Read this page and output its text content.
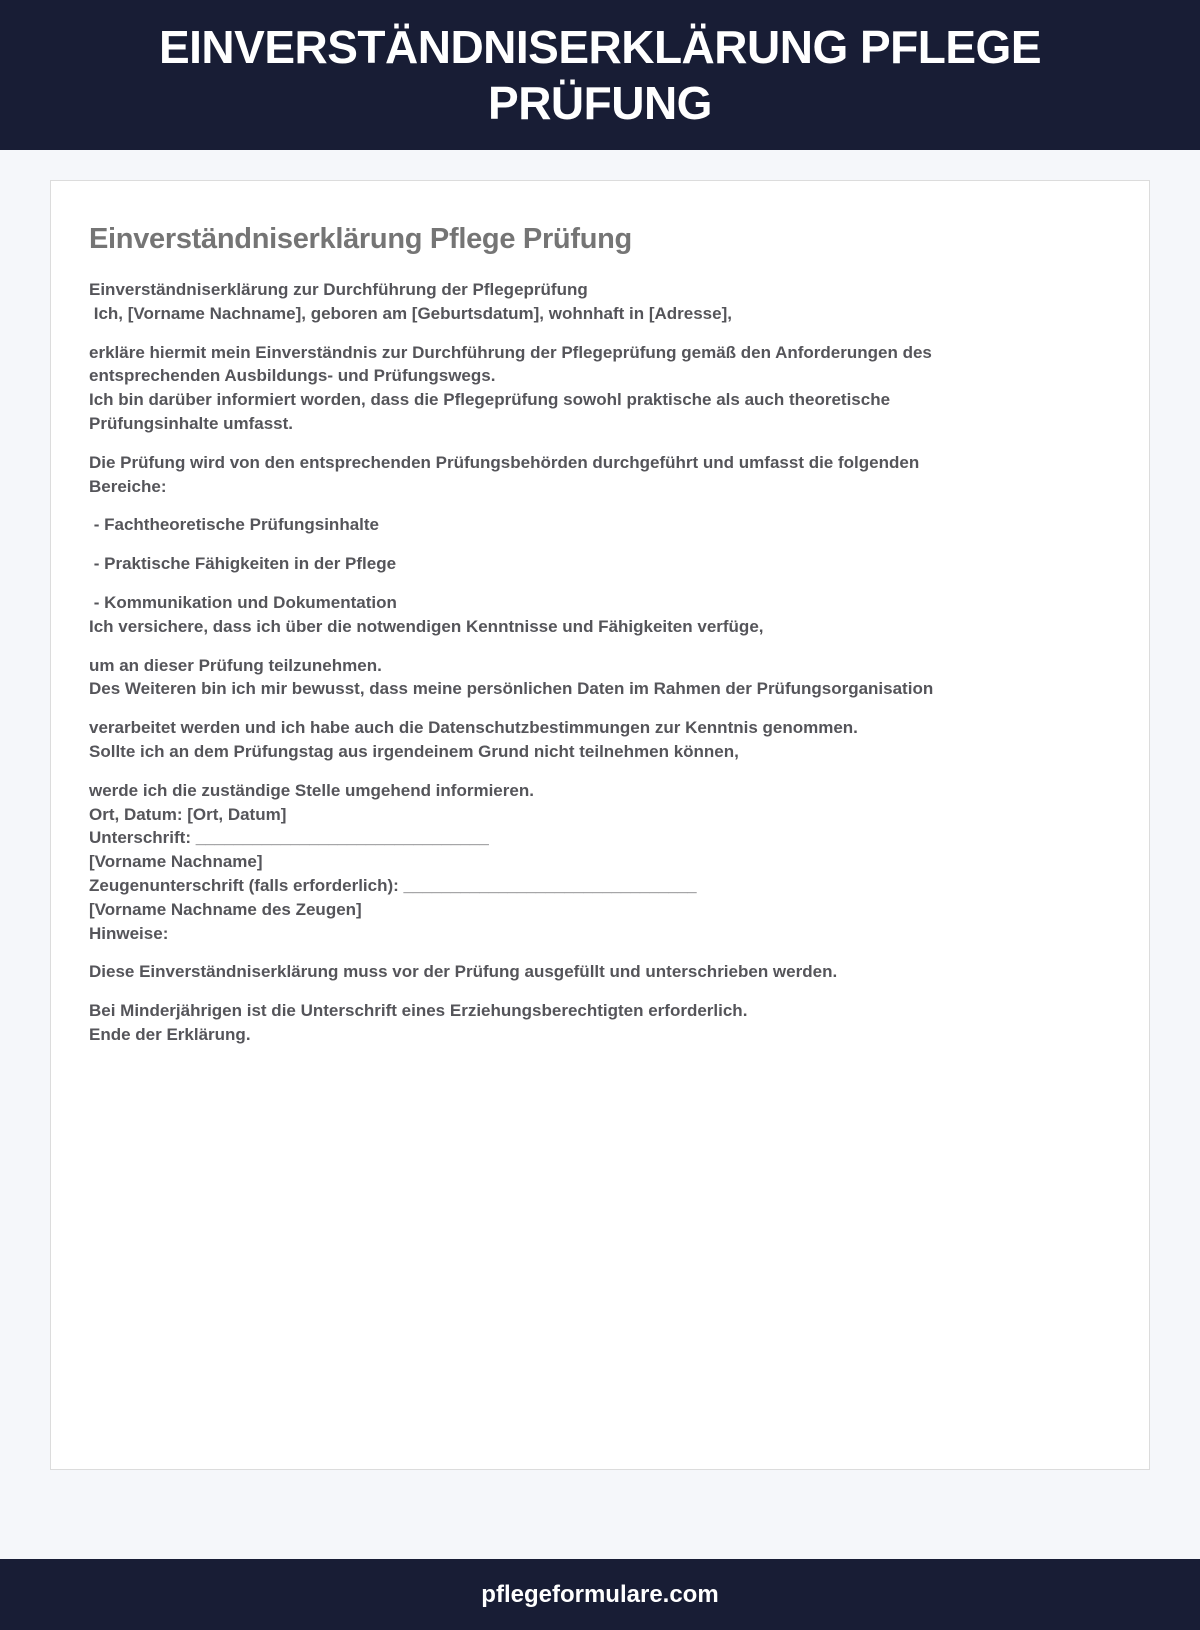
EINVERSTÄNDNISERKLÄRUNG PFLEGE PRÜFUNG
Einverständniserklärung Pflege Prüfung

Einverständniserklärung zur Durchführung der Pflegeprüfung
Ich, [Vorname Nachname], geboren am [Geburtsdatum], wohnhaft in [Adresse],

erkläre hiermit mein Einverständnis zur Durchführung der Pflegeprüfung gemäß den Anforderungen des
entsprechenden Ausbildungs- und Prüfungswegs.
Ich bin darüber informiert worden, dass die Pflegeprüfung sowohl praktische als auch theoretische
Prüfungsinhalte umfasst.

Die Prüfung wird von den entsprechenden Prüfungsbehörden durchgeführt und umfasst die folgenden
Bereiche:

- Fachtheoretische Prüfungsinhalte

- Praktische Fähigkeiten in der Pflege

- Kommunikation und Dokumentation
Ich versichere, dass ich über die notwendigen Kenntnisse und Fähigkeiten verfüge,

um an dieser Prüfung teilzunehmen.
Des Weiteren bin ich mir bewusst, dass meine persönlichen Daten im Rahmen der Prüfungsorganisation

verarbeitet werden und ich habe auch die Datenschutzbestimmungen zur Kenntnis genommen.
Sollte ich an dem Prüfungstag aus irgendeinem Grund nicht teilnehmen können,

werde ich die zuständige Stelle umgehend informieren.
Ort, Datum: [Ort, Datum]
Unterschrift: _______________________________
[Vorname Nachname]
Zeugenunterschrift (falls erforderlich): _______________________________
[Vorname Nachname des Zeugen]
Hinweise:

Diese Einverständniserklärung muss vor der Prüfung ausgefüllt und unterschrieben werden.

Bei Minderjährigen ist die Unterschrift eines Erziehungsberechtigten erforderlich.
Ende der Erklärung.

pflegeformulare.com
